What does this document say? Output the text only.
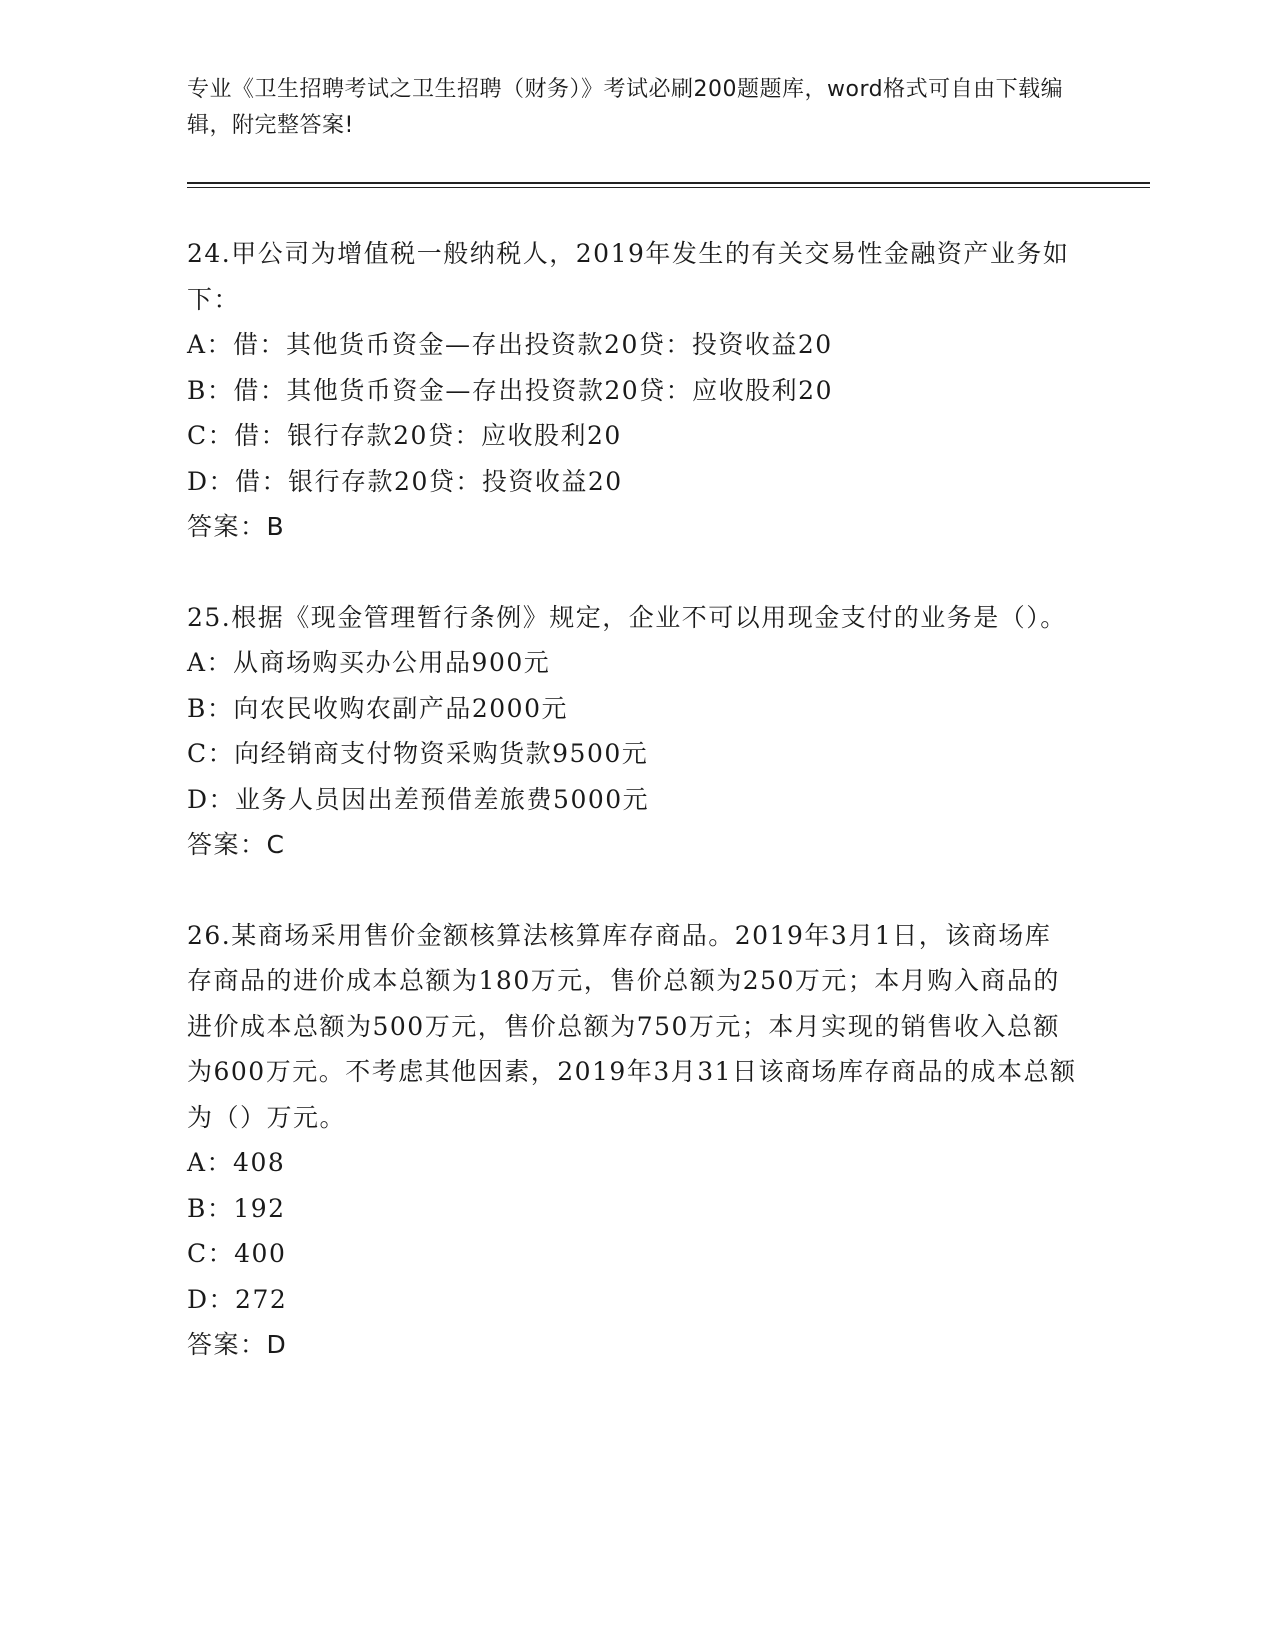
专业《卫生招聘考试之卫生招聘（财务）》考试必刷200题题库，word格式可自由下载编辑，附完整答案!
24.甲公司为增值税一般纳税人，2019年发生的有关交易性金融资产业务如下：
A：借：其他货币资金—存出投资款20贷：投资收益20
B：借：其他货币资金—存出投资款20贷：应收股利20
C：借：银行存款20贷：应收股利20
D：借：银行存款20贷：投资收益20
答案：B
25.根据《现金管理暂行条例》规定，企业不可以用现金支付的业务是（）。
A：从商场购买办公用品900元
B：向农民收购农副产品2000元
C：向经销商支付物资采购货款9500元
D：业务人员因出差预借差旅费5000元
答案：C
26.某商场采用售价金额核算法核算库存商品。2019年3月1日，该商场库存商品的进价成本总额为180万元，售价总额为250万元；本月购入商品的进价成本总额为500万元，售价总额为750万元；本月实现的销售收入总额为600万元。不考虑其他因素，2019年3月31日该商场库存商品的成本总额为（）万元。
A：408
B：192
C：400
D：272
答案：D
